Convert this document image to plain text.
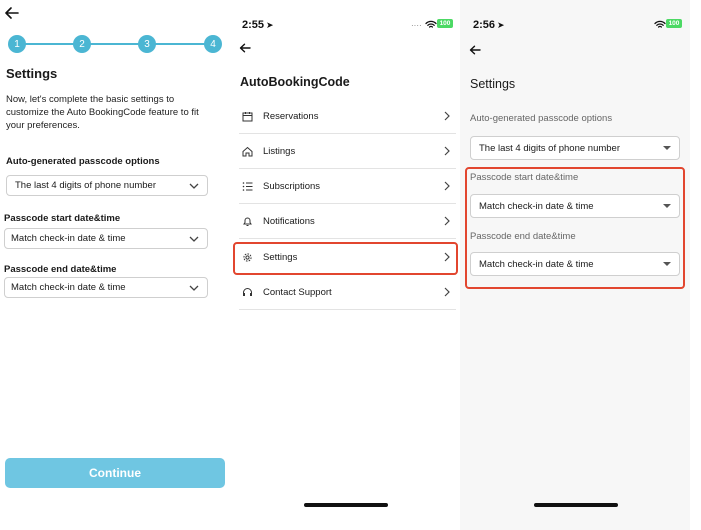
1	2	3	4
Settings
Now, let's complete the basic settings to customize the Auto BookingCode feature to fit your preferences.
Auto-generated passcode options
The last 4 digits of phone number
Passcode start date&time
Match check-in date & time
Passcode end date&time
Match check-in date & time
Continue
2:55 ➤	····	100
AutoBookingCode
Reservations
Listings
Subscriptions
Notifications
Settings
Contact Support
2:56 ➤	100
Settings
Auto-generated passcode options
The last 4 digits of phone number
Passcode start date&time
Match check-in date & time
Passcode end date&time
Match check-in date & time
